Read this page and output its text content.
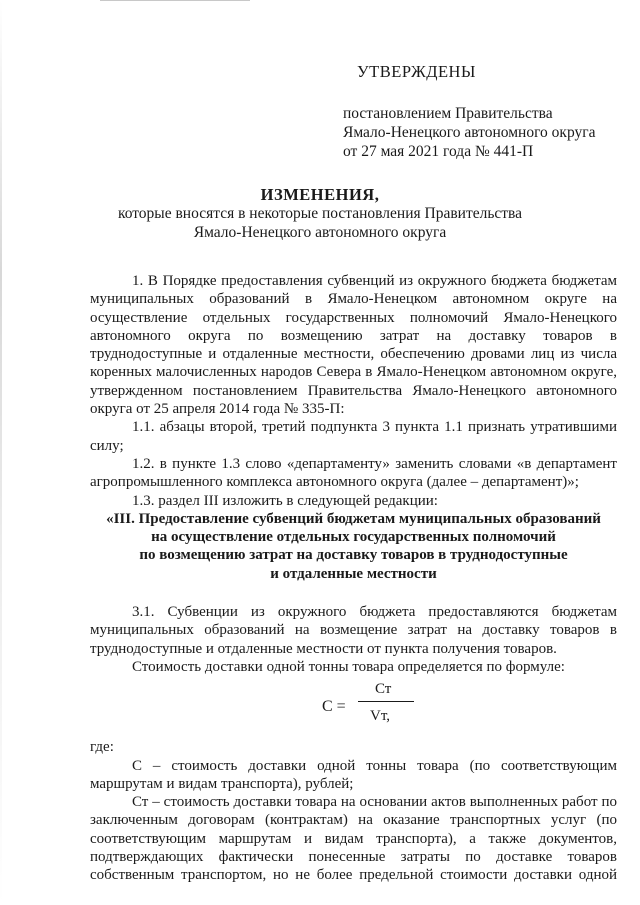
УТВЕРЖДЕНЫ
постановлением Правительства
Ямало-Ненецкого автономного округа
от 27 мая 2021 года № 441-П
ИЗМЕНЕНИЯ,
которые вносятся в некоторые постановления Правительства
Ямало-Ненецкого автономного округа

1. В Порядке предоставления субвенций из окружного бюджета бюджетам муниципальных образований в Ямало-Ненецком автономном округе на осуществление отдельных государственных полномочий Ямало-Ненецкого автономного округа по возмещению затрат на доставку товаров в труднодоступные и отдаленные местности, обеспечению дровами лиц из числа коренных малочисленных народов Севера в Ямало-Ненецком автономном округе, утвержденном постановлением Правительства Ямало-Ненецкого автономного округа от 25 апреля 2014 года № 335-П:

1.1. абзацы второй, третий подпункта 3 пункта 1.1 признать утратившими силу;

1.2. в пункте 1.3 слово «департаменту» заменить словами «в департамент агропромышленного комплекса автономного округа (далее – департамент)»;

1.3. раздел III изложить в следующей редакции:

«III. Предоставление субвенций бюджетам муниципальных образований
на осуществление отдельных государственных полномочий
по возмещению затрат на доставку товаров в труднодоступные
и отдаленные местности

3.1. Субвенции из окружного бюджета предоставляются бюджетам муниципальных образований на возмещение затрат на доставку товаров в труднодоступные и отдаленные местности от пункта получения товаров.

Стоимость доставки одной тонны товара определяется по формуле:

С =
Ст
Vт,

где:

С – стоимость доставки одной тонны товара (по соответствующим маршрутам и видам транспорта), рублей;

Ст – стоимость доставки товара на основании актов выполненных работ по заключенным договорам (контрактам) на оказание транспортных услуг (по соответствующим маршрутам и видам транспорта), а также документов, подтверждающих фактически понесенные затраты по доставке товаров собственным транспортом, но не более предельной стоимости доставки одной
